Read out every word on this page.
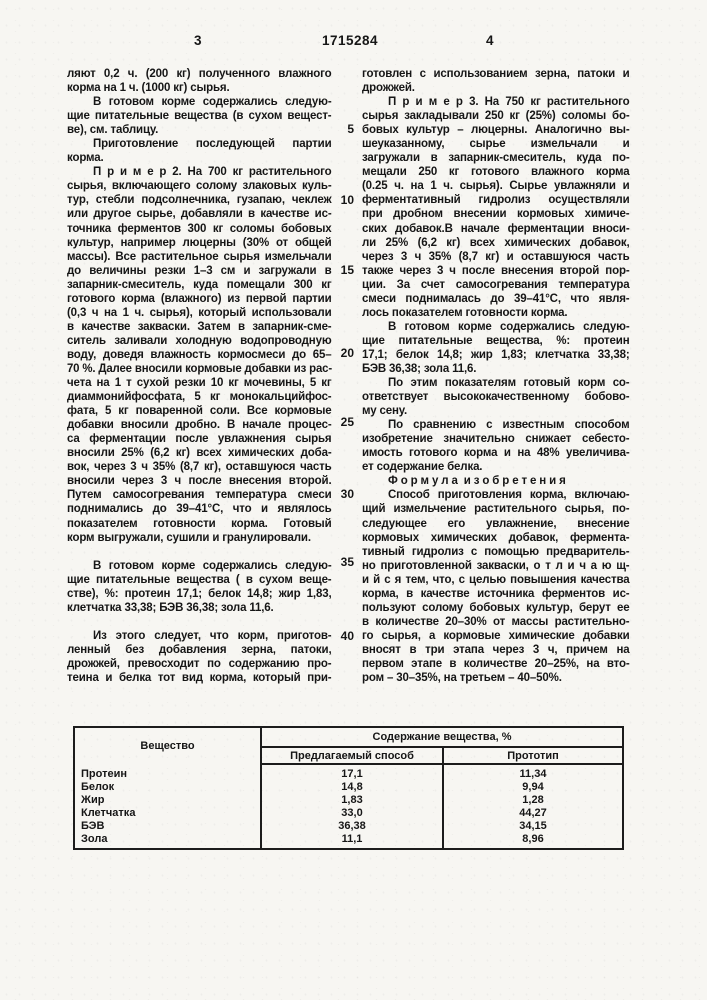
3	1715284	4
ляют 0,2 ч. (200 кг) полученного влажного
корма на 1 ч. (1000 кг) сырья.
В готовом корме содержались следую-
щие питательные вещества (в сухом вещест-
ве), см. таблицу.
Приготовление последующей партии
корма.
П р и м е р 2. На 700 кг растительного
сырья, включающего солому злаковых куль-
тур, стебли подсолнечника, гузапаю, чеклеж
или другое сырье, добавляли в качестве ис-
точника ферментов 300 кг соломы бобовых
культур, например люцерны (30% от общей
массы). Все растительное сырья измельчали
до величины резки 1–3 см и загружали в
запарник-смеситель, куда помещали 300 кг
готового корма (влажного) из первой партии
(0,3 ч на 1 ч. сырья), который использовали
в качестве закваски. Затем в запарник-сме-
ситель заливали холодную водопроводную
воду, доведя влажность кормосмеси до 65–
70 %. Далее вносили кормовые добавки из рас-
чета на 1 т сухой резки 10 кг мочевины, 5 кг
диаммонийфосфата, 5 кг монокальцийфос-
фата, 5 кг поваренной соли. Все кормовые
добавки вносили дробно. В начале процес-
са ферментации после увлажнения сырья
вносили 25% (6,2 кг) всех химических доба-
вок, через 3 ч 35% (8,7 кг), оставшуюся часть
вносили через 3 ч после внесения второй.
Путем самосогревания температура смеси
поднимались до 39–41°С, что и являлось
показателем готовности корма. Готовый
корм выгружали, сушили и гранулировали.
В готовом корме содержались следую-
щие питательные вещества ( в сухом веще-
стве), %: протеин 17,1; белок 14,8; жир 1,83,
клетчатка 33,38; БЭВ 36,38; зола 11,6.
Из этого следует, что корм, приготов-
ленный без добавления зерна, патоки,
дрожжей, превосходит по содержанию про-
теина и белка тот вид корма, который при-
5
10
15
20
25
30
35
40
готовлен с использованием зерна, патоки и
дрожжей.
П р и м е р 3. На 750 кг растительного
сырья закладывали 250 кг (25%) соломы бо-
бовых культур – люцерны. Аналогично вы-
шеуказанному, сырье измельчали и
загружали в запарник-смеситель, куда по-
мещали 250 кг готового влажного корма
(0.25 ч. на 1 ч. сырья). Сырье увлажняли и
ферментативный гидролиз осуществляли
при дробном внесении кормовых химиче-
ских добавок.В начале ферментации вноси-
ли 25% (6,2 кг) всех химических добавок,
через 3 ч 35% (8,7 кг) и оставшуюся часть
также через 3 ч после внесения второй пор-
ции. За счет самосогревания температура
смеси поднималась до 39–41°С, что явля-
лось показателем готовности корма.
В готовом корме содержались следую-
щие питательные вещества, %: протеин
17,1; белок 14,8; жир 1,83; клетчатка 33,38;
БЭВ 36,38; зола 11,6.
По этим показателям готовый корм со-
ответствует высококачественному бобово-
му сену.
По сравнению с известным способом
изобретение значительно снижает себесто-
имость готового корма и на 48% увеличива-
ет содержание белка.
Ф о р м у л а  и з о б р е т е н и я
Способ приготовления корма, включаю-
щий измельчение растительного сырья, по-
следующее его увлажнение, внесение
кормовых химических добавок, фермента-
тивный гидролиз с помощью предваритель-
но приготовленной закваски, о т л и ч а ю щ-
и й с я тем, что, с целью повышения качества
корма, в качестве источника ферментов ис-
пользуют солому бобовых культур, берут ее
в количестве 20–30% от массы растительно-
го сырья, а кормовые химические добавки
вносят в три этапа через 3 ч, причем на
первом этапе в количестве 20–25%, на вто-
ром – 30–35%, на третьем – 40–50%.
Вещество	Содержание вещества, %	
	Предлагаемый способ	Прототип
Протеин	17,1	11,34
Белок	14,8	9,94
Жир	1,83	1,28
Клетчатка	33,0	44,27
БЭВ	36,38	34,15
Зола	11,1	8,96
